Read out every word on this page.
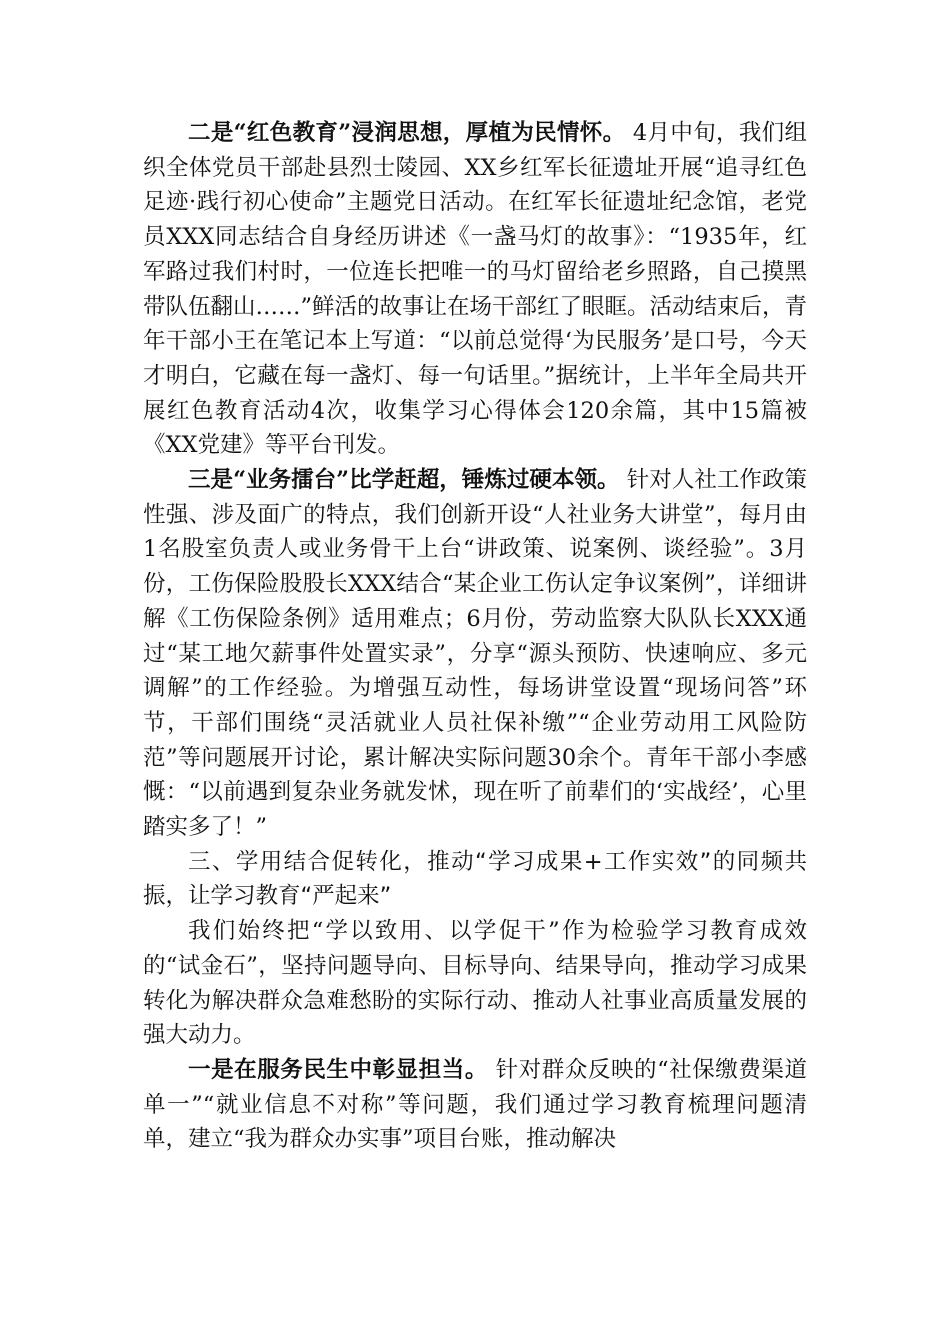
二是“红色教育”浸润思想，厚植为民情怀。 4月中旬，我们组织全体党员干部赴县烈士陵园、XX乡红军长征遗址开展“追寻红色足迹·践行初心使命”主题党日活动。在红军长征遗址纪念馆，老党员XXX同志结合自身经历讲述《一盏马灯的故事》：“1935年，红军路过我们村时，一位连长把唯一的马灯留给老乡照路，自己摸黑带队伍翻山……”鲜活的故事让在场干部红了眼眶。活动结束后，青年干部小王在笔记本上写道：“以前总觉得‘为民服务’是口号，今天才明白，它藏在每一盏灯、每一句话里。”据统计，上半年全局共开展红色教育活动4次，收集学习心得体会120余篇，其中15篇被《XX党建》等平台刊发。

三是“业务擂台”比学赶超，锤炼过硬本领。 针对人社工作政策性强、涉及面广的特点，我们创新开设“人社业务大讲堂”，每月由1名股室负责人或业务骨干上台“讲政策、说案例、谈经验”。3月份，工伤保险股股长XXX结合“某企业工伤认定争议案例”，详细讲解《工伤保险条例》适用难点；6月份，劳动监察大队队长XXX通过“某工地欠薪事件处置实录”，分享“源头预防、快速响应、多元调解”的工作经验。为增强互动性，每场讲堂设置“现场问答”环节，干部们围绕“灵活就业人员社保补缴”“企业劳动用工风险防范”等问题展开讨论，累计解决实际问题30余个。青年干部小李感慨：“以前遇到复杂业务就发怵，现在听了前辈们的‘实战经’，心里踏实多了！”

三、学用结合促转化，推动“学习成果+工作实效”的同频共振，让学习教育“严起来”

我们始终把“学以致用、以学促干”作为检验学习教育成效的“试金石”，坚持问题导向、目标导向、结果导向，推动学习成果转化为解决群众急难愁盼的实际行动、推动人社事业高质量发展的强大动力。

一是在服务民生中彰显担当。 针对群众反映的“社保缴费渠道单一”“就业信息不对称”等问题，我们通过学习教育梳理问题清单，建立“我为群众办实事”项目台账，推动解决
